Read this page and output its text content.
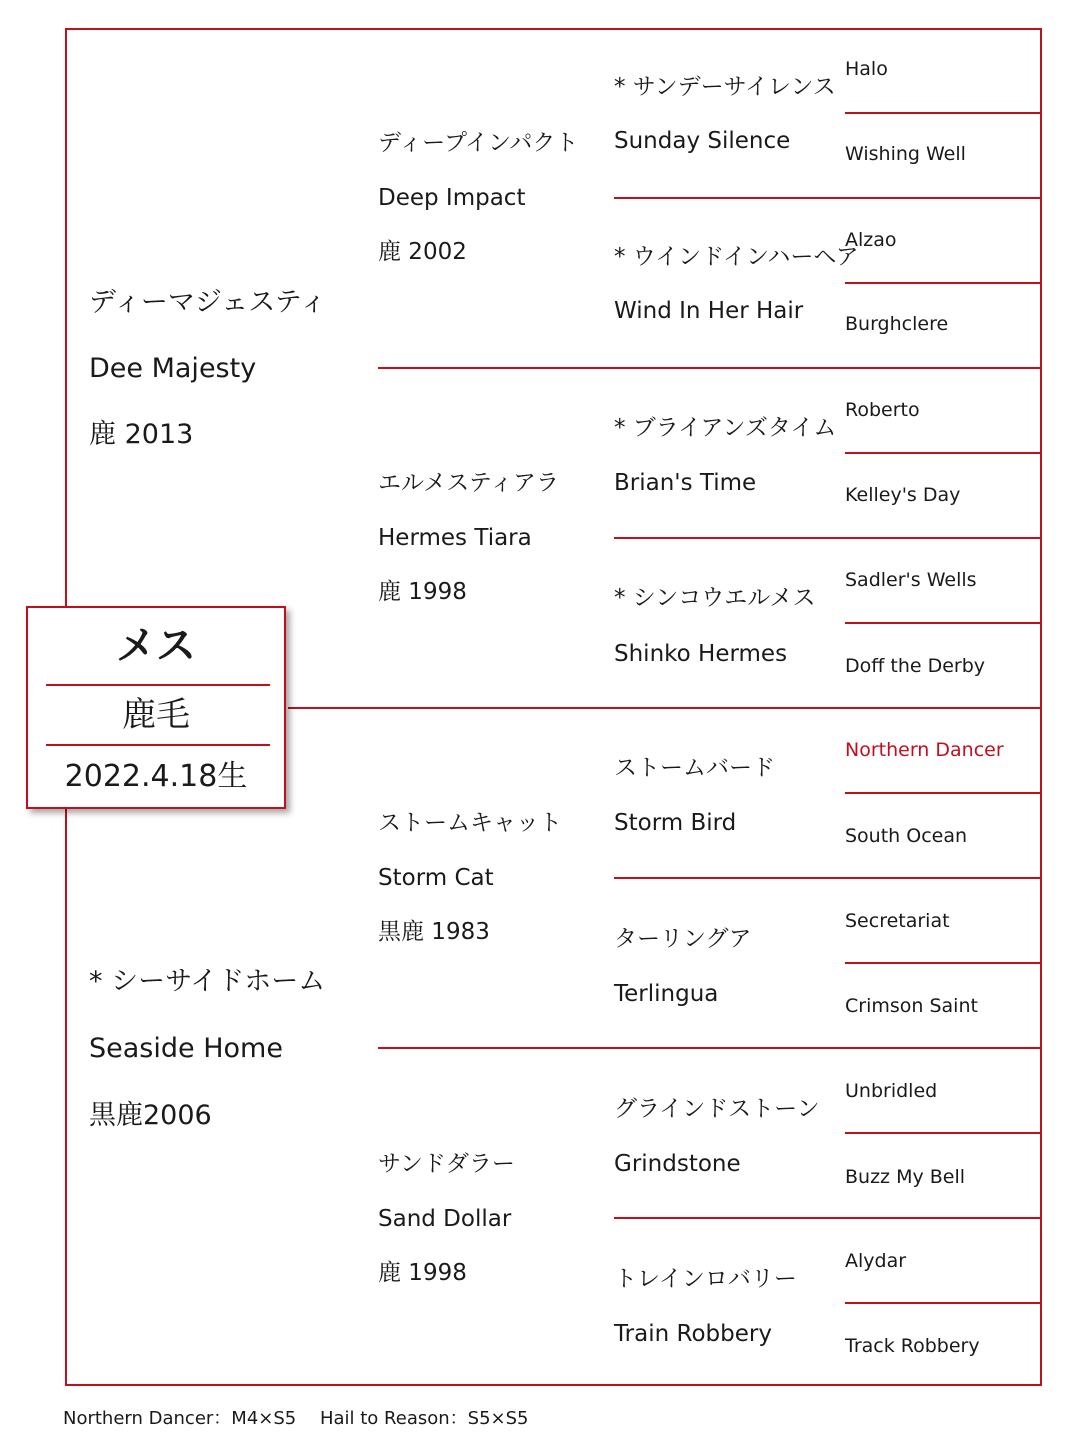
ディーマジェスティ
Dee Majesty
鹿 2013
* シーサイドホーム
Seaside Home
黒鹿2006
ディープインパクト
Deep Impact
鹿 2002
エルメスティアラ
Hermes Tiara
鹿 1998
ストームキャット
Storm Cat
黒鹿 1983
サンドダラー
Sand Dollar
鹿 1998
* サンデーサイレンス
Sunday Silence
* ウインドインハーヘア
Wind In Her Hair
* ブライアンズタイム
Brian's Time
* シンコウエルメス
Shinko Hermes
ストームバード
Storm Bird
ターリングア
Terlingua
グラインドストーン
Grindstone
トレインロバリー
Train Robbery
Halo
Wishing Well
Alzao
Burghclere
Roberto
Kelley's Day
Sadler's Wells
Doff the Derby
Northern Dancer
South Ocean
Secretariat
Crimson Saint
Unbridled
Buzz My Bell
Alydar
Track Robbery
メス
鹿毛
2022.4.18生
Northern Dancer：M4×S5　 Hail to Reason：S5×S5
